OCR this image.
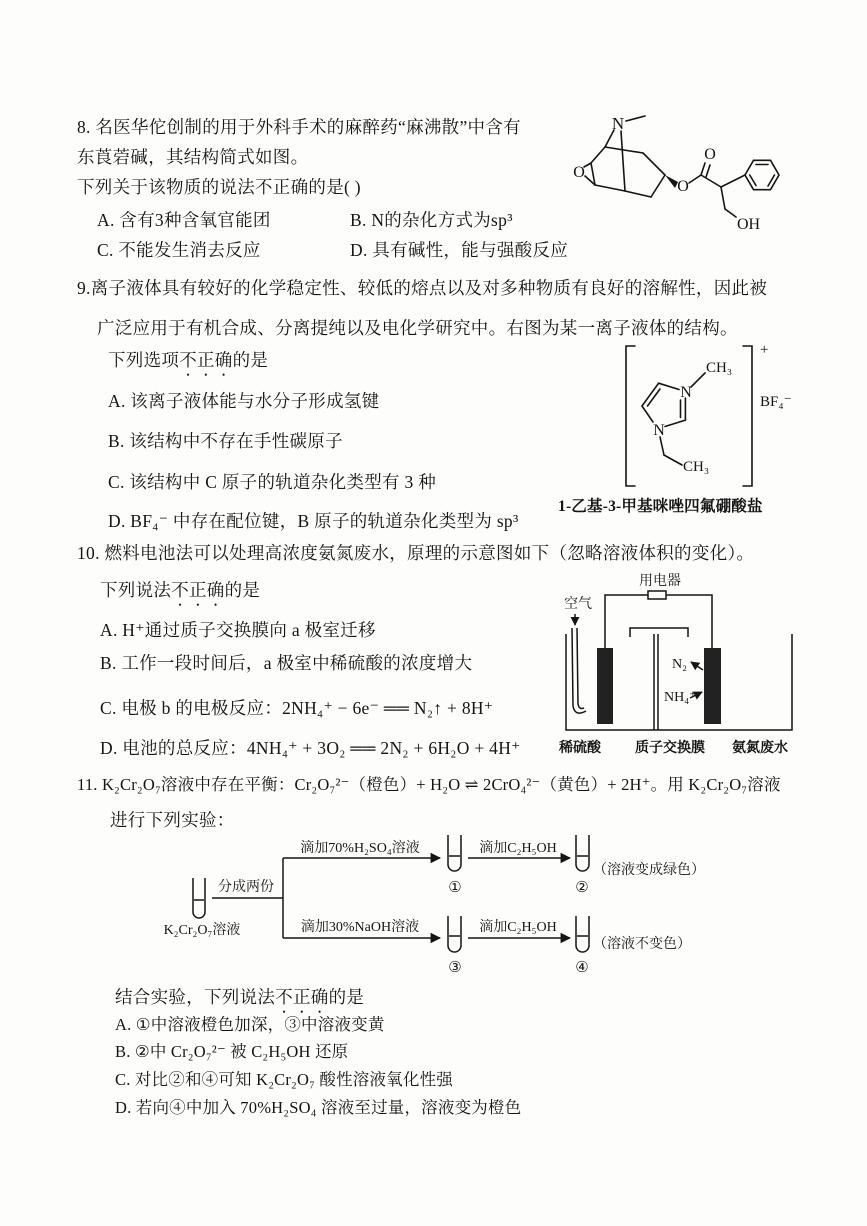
8. 名医华佗创制的用于外科手术的麻醉药“麻沸散”中含有
东莨菪碱，其结构简式如图。
下列关于该物质的说法不正确的是( )
A. 含有3种含氧官能团	B. N的杂化方式为sp³
C. 不能发生消去反应	D. 具有碱性，能与强酸反应
N
O
O
O
OH
9.离子液体具有较好的化学稳定性、较低的熔点以及对多种物质有良好的溶解性，因此被
广泛应用于有机合成、分离提纯以及电化学研究中。右图为某一离子液体的结构。
下列选项不正确的是
A. 该离子液体能与水分子形成氢键
B. 该结构中不存在手性碳原子
C. 该结构中 C 原子的轨道杂化类型有 3 种
D. BF₄⁻ 中存在配位键，B 原子的轨道杂化类型为 sp³
1-乙基-3-甲基咪唑四氟硼酸盐
N
N
CH₃
CH₃
+
BF₄⁻
10. 燃料电池法可以处理高浓度氨氮废水，原理的示意图如下（忽略溶液体积的变化）。
下列说法不正确的是
A. H⁺通过质子交换膜向 a 极室迁移
B. 工作一段时间后，a 极室中稀硫酸的浓度增大
C. 电极 b 的电极反应：2NH₄⁺ − 6e⁻ ══ N₂↑ + 8H⁺
D. 电池的总反应：4NH₄⁺ + 3O₂ ══ 2N₂ + 6H₂O + 4H⁺
用电器
空气
N₂
NH₄⁺
稀硫酸 质子交换膜 氨氮废水
11. K₂Cr₂O₇溶液中存在平衡：Cr₂O₇²⁻（橙色）+ H₂O ⇌ 2CrO₄²⁻（黄色）+ 2H⁺。用 K₂Cr₂O₇溶液
进行下列实验：
K₂Cr₂O₇溶液
分成两份
滴加70%H₂SO₄溶液
滴加30%NaOH溶液
滴加C₂H₅OH
滴加C₂H₅OH
①	②
③	④
（溶液变成绿色）
（溶液不变色）
结合实验，下列说法不正确的是
A. ①中溶液橙色加深，③中溶液变黄
B. ②中 Cr₂O₇²⁻ 被 C₂H₅OH 还原
C. 对比②和④可知 K₂Cr₂O₇ 酸性溶液氧化性强
D. 若向④中加入 70%H₂SO₄ 溶液至过量，溶液变为橙色
